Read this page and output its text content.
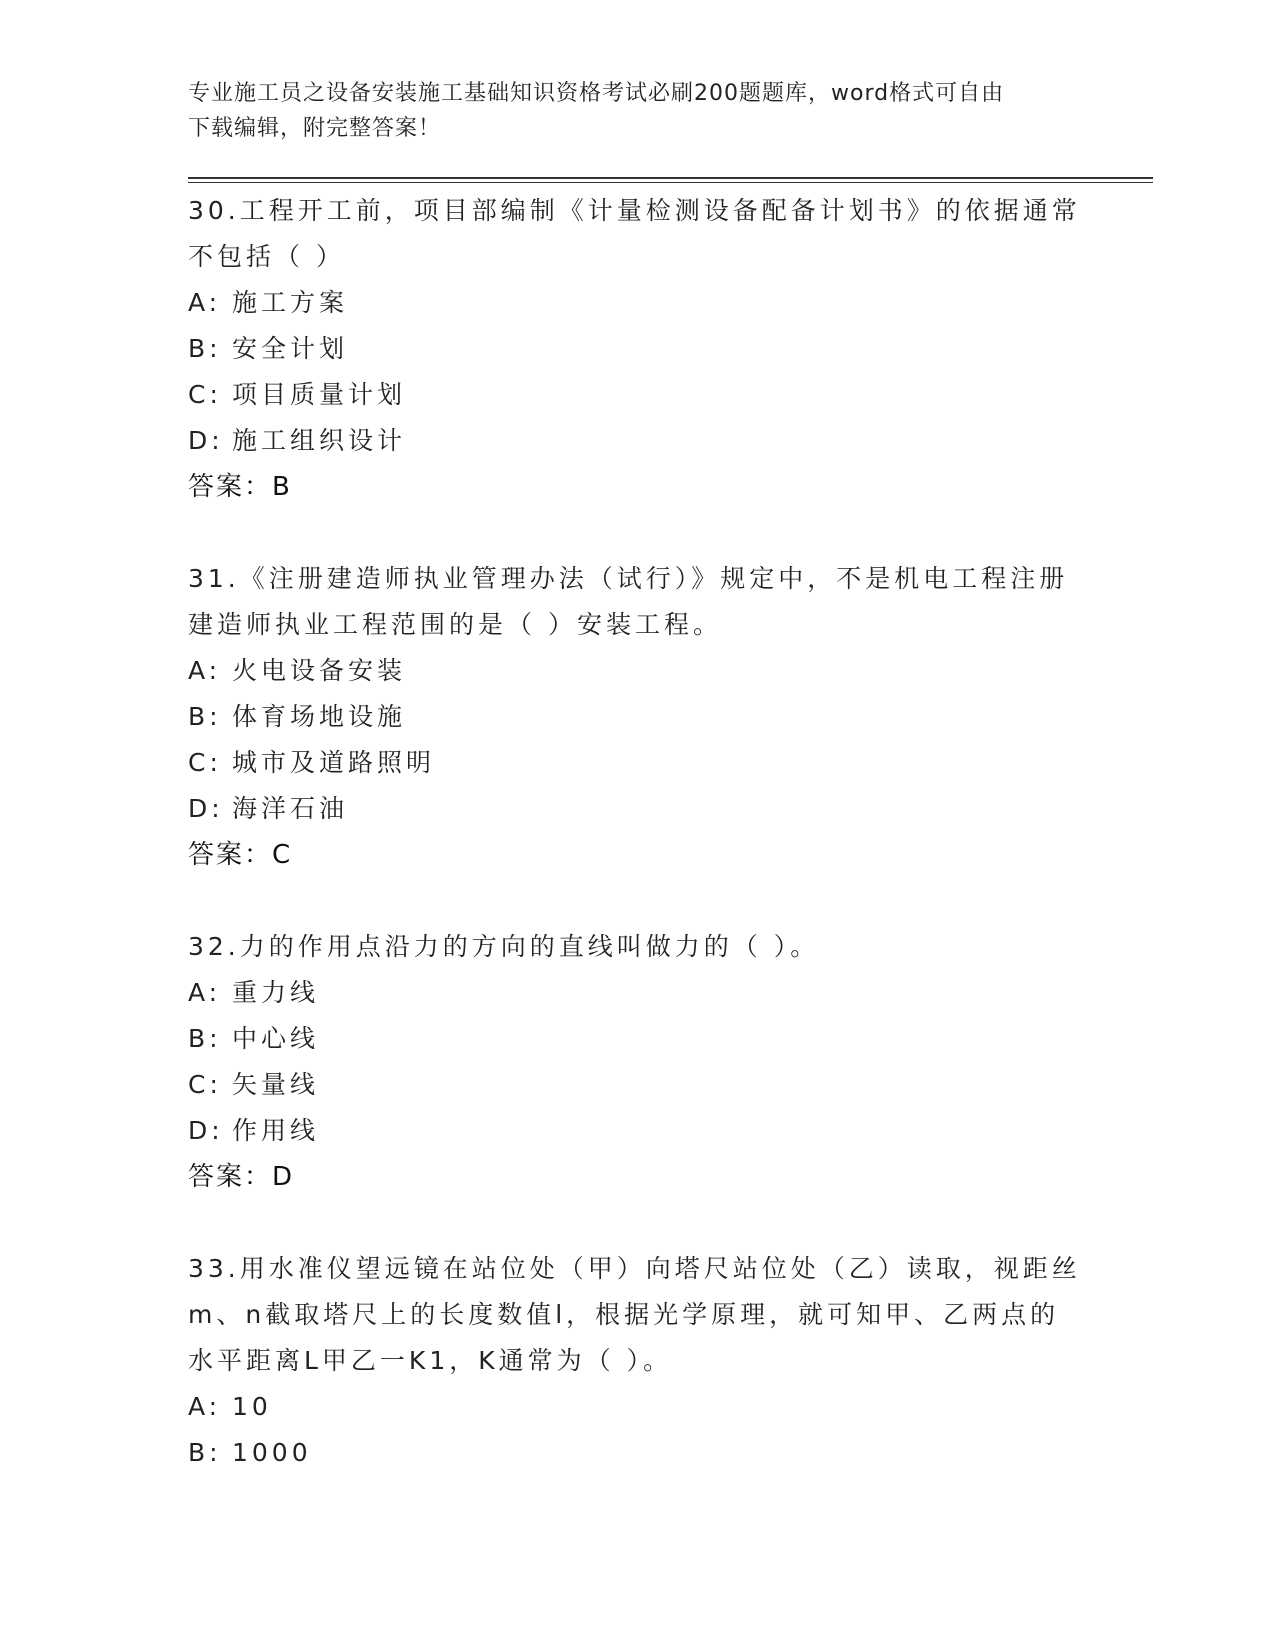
专业施工员之设备安装施工基础知识资格考试必刷200题题库，word格式可自由
下载编辑，附完整答案！

30.工程开工前，项目部编制《计量检测设备配备计划书》的依据通常

不包括（ ）

A: 施工方案
B: 安全计划
C: 项目质量计划
D: 施工组织设计

答案：B

31.《注册建造师执业管理办法（试行）》规定中，不是机电工程注册

建造师执业工程范围的是（ ）安装工程。

A: 火电设备安装
B: 体育场地设施
C: 城市及道路照明
D: 海洋石油

答案：C

32.力的作用点沿力的方向的直线叫做力的（ ）。

A: 重力线
B: 中心线
C: 矢量线
D: 作用线

答案：D

33.用水准仪望远镜在站位处（甲）向塔尺站位处（乙）读取，视距丝

m、n截取塔尺上的长度数值l，根据光学原理，就可知甲、乙两点的

水平距离L甲乙一K1，K通常为（ ）。

A: 10
B: 1000
